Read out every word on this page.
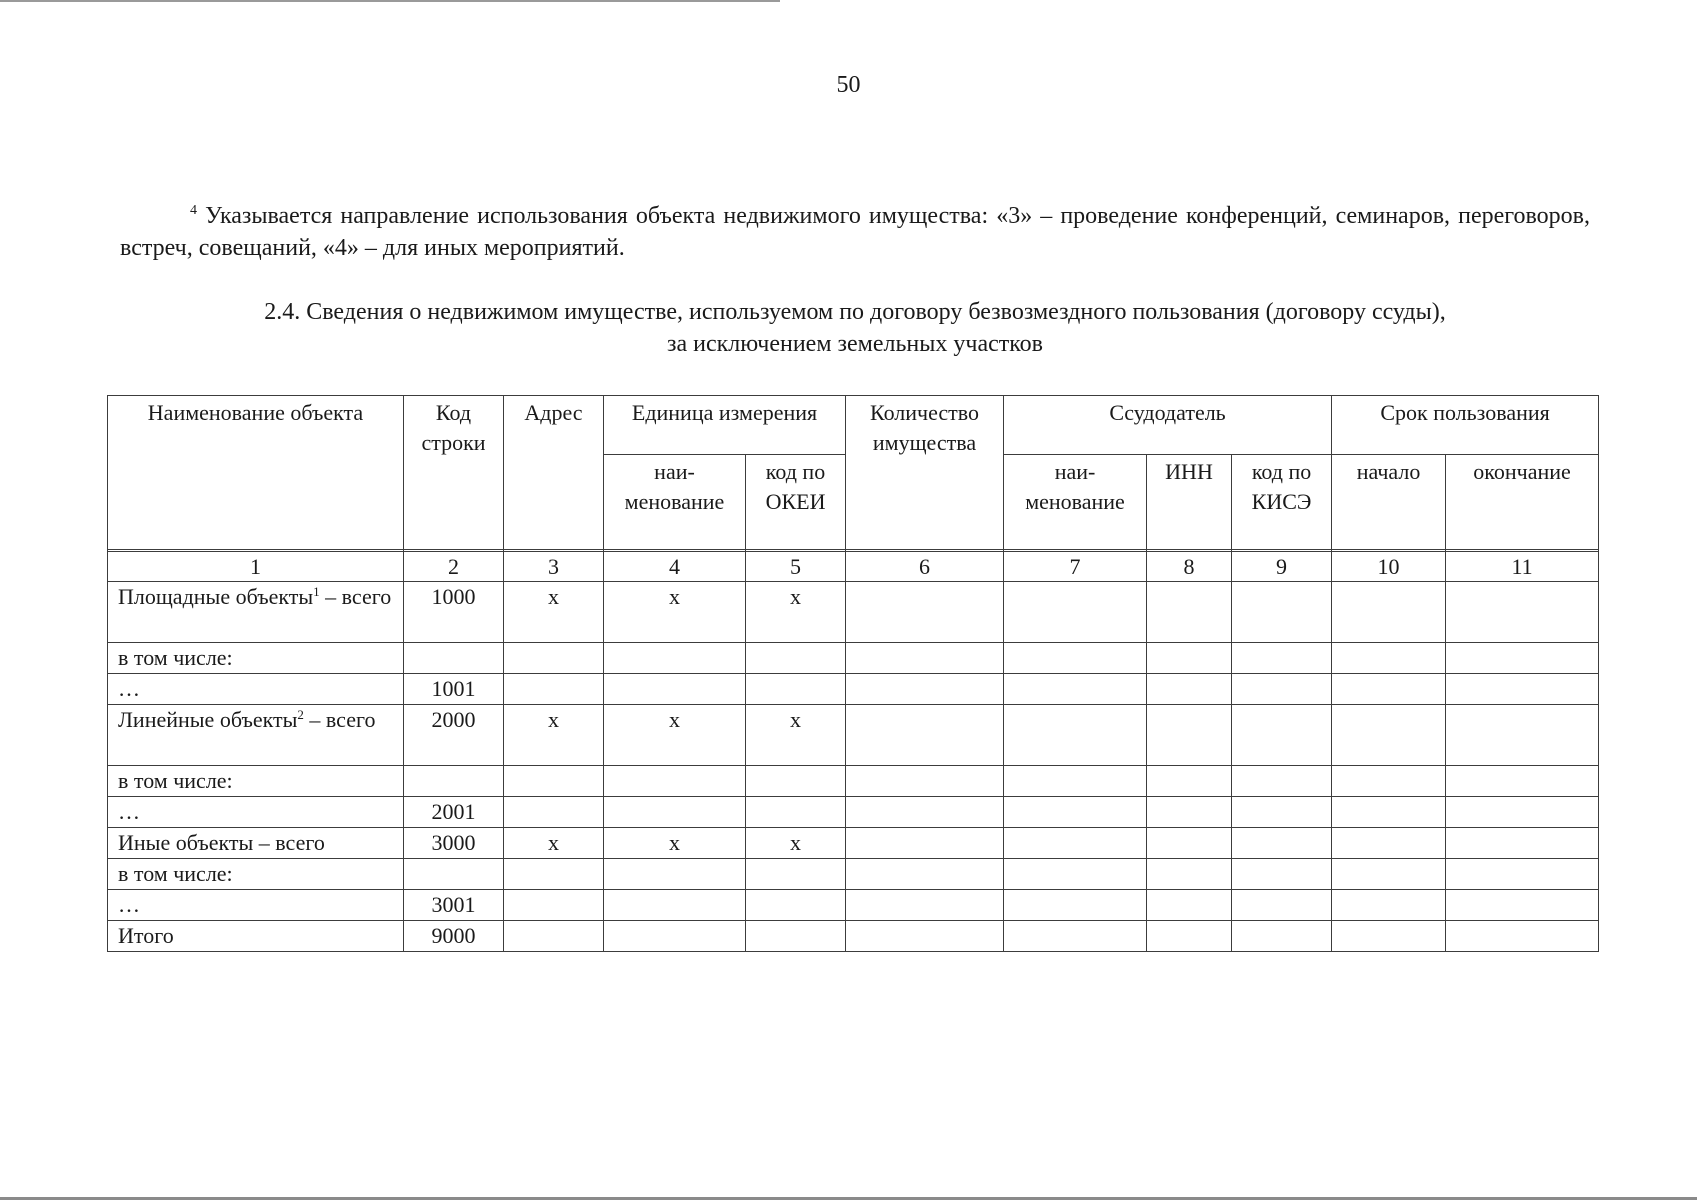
50
$^4$ Указывается направление использования объекта недвижимого имущества: «3» – проведение конференций, семинаров, переговоров, встреч, совещаний, «4» – для иных мероприятий.
2.4. Сведения о недвижимом имуществе, используемом по договору безвозмездного пользования (договору ссуды),
за исключением земельных участков
Наименование объекта	Код строки	Адрес	Единица измерения		Количество имущества	Ссудодатель			Срок пользования	
			наи-менование	код по ОКЕИ		наи-менование	ИНН	код по КИСЭ	начало	окончание

1	2	3	4	5	6	7	8	9	10	11
Площадные объекты$^1$ – всего	1000	x	x	x						
в том числе:										
…	1001									
Линейные объекты$^2$ – всего	2000	x	x	x						
в том числе:										
…	2001									
Иные объекты – всего	3000	x	x	x						
в том числе:										
…	3001									
Итого	9000									
